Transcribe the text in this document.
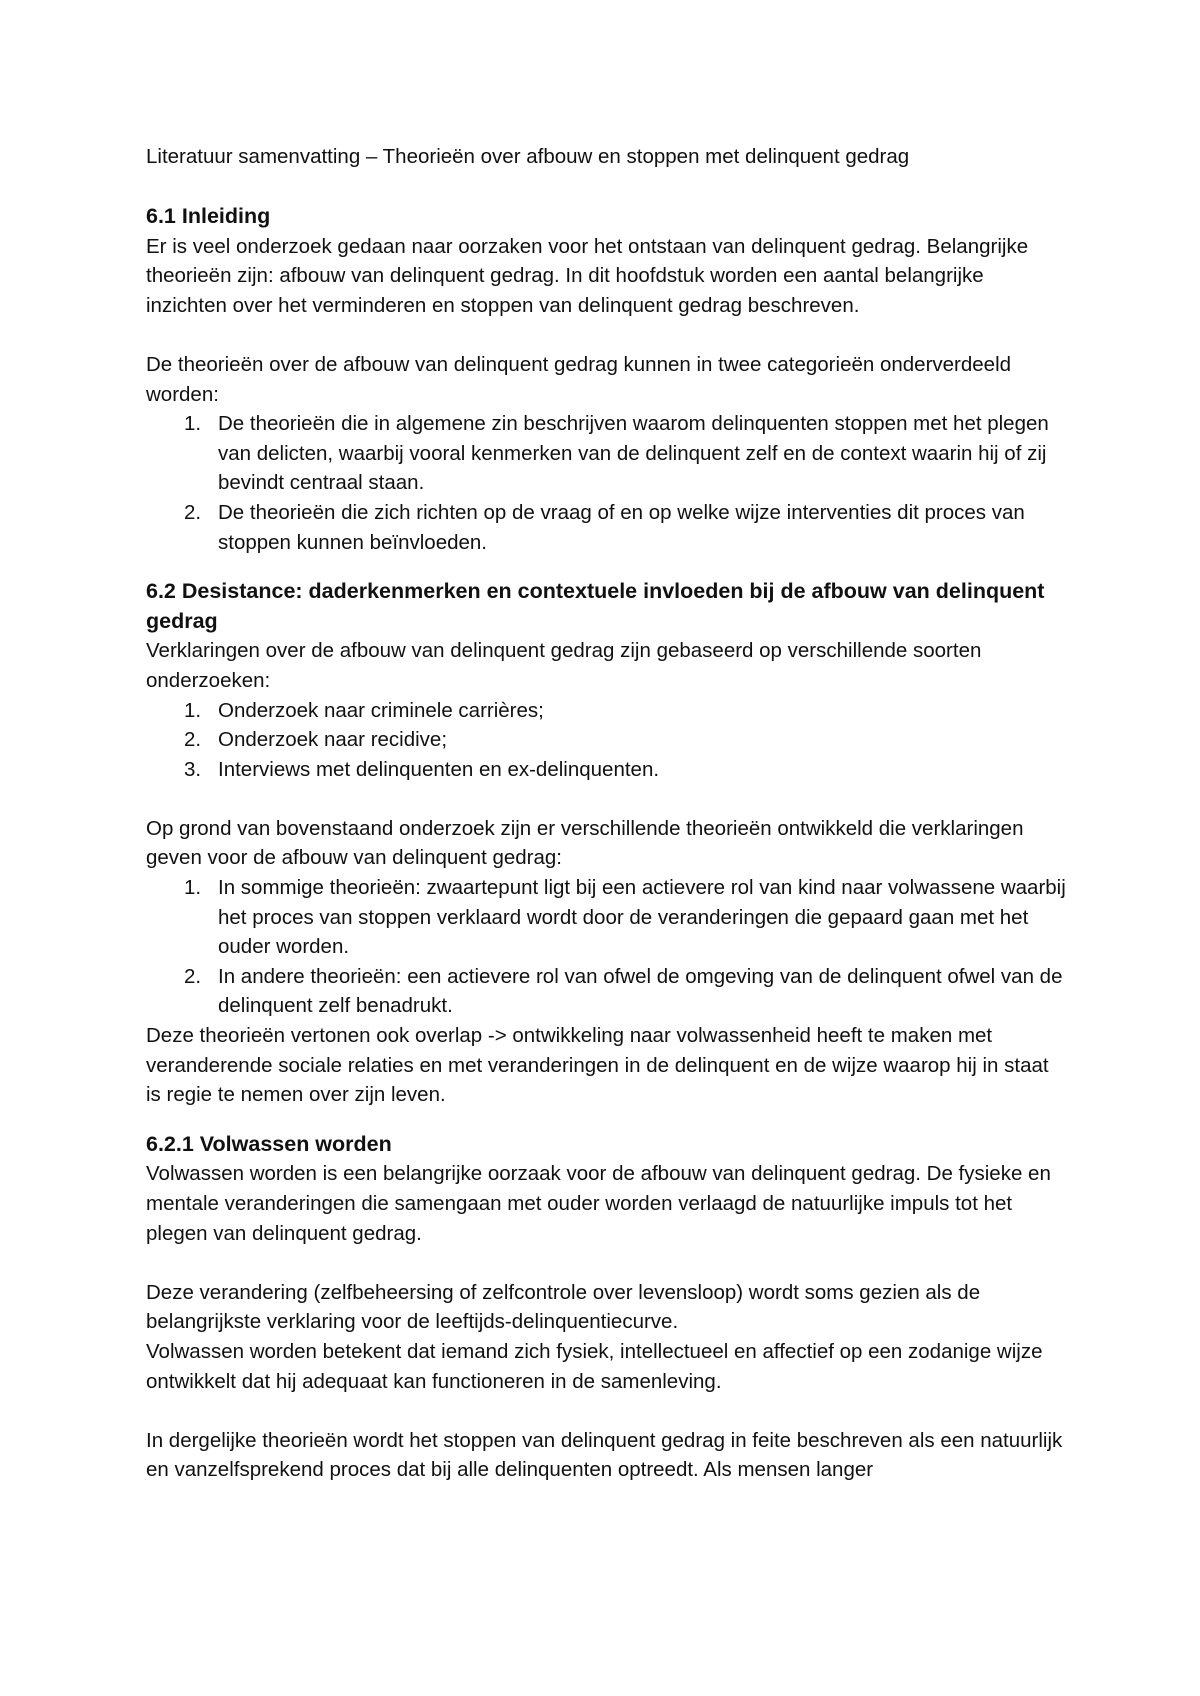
Literatuur samenvatting – Theorieën over afbouw en stoppen met delinquent gedrag

6.1 Inleiding

Er is veel onderzoek gedaan naar oorzaken voor het ontstaan van delinquent gedrag. Belangrijke theorieën zijn: afbouw van delinquent gedrag. In dit hoofdstuk worden een aantal belangrijke inzichten over het verminderen en stoppen van delinquent gedrag beschreven.

De theorieën over de afbouw van delinquent gedrag kunnen in twee categorieën onderverdeeld worden:

1. De theorieën die in algemene zin beschrijven waarom delinquenten stoppen met het plegen van delicten, waarbij vooral kenmerken van de delinquent zelf en de context waarin hij of zij bevindt centraal staan.
2. De theorieën die zich richten op de vraag of en op welke wijze interventies dit proces van stoppen kunnen beïnvloeden.
6.2 Desistance: daderkenmerken en contextuele invloeden bij de afbouw van delinquent gedrag

Verklaringen over de afbouw van delinquent gedrag zijn gebaseerd op verschillende soorten onderzoeken:

1. Onderzoek naar criminele carrières;
2. Onderzoek naar recidive;
3. Interviews met delinquenten en ex-delinquenten.

Op grond van bovenstaand onderzoek zijn er verschillende theorieën ontwikkeld die verklaringen geven voor de afbouw van delinquent gedrag:

1. In sommige theorieën: zwaartepunt ligt bij een actievere rol van kind naar volwassene waarbij het proces van stoppen verklaard wordt door de veranderingen die gepaard gaan met het ouder worden.
2. In andere theorieën: een actievere rol van ofwel de omgeving van de delinquent ofwel van de delinquent zelf benadrukt.

Deze theorieën vertonen ook overlap -> ontwikkeling naar volwassenheid heeft te maken met veranderende sociale relaties en met veranderingen in de delinquent en de wijze waarop hij in staat is regie te nemen over zijn leven.

6.2.1 Volwassen worden

Volwassen worden is een belangrijke oorzaak voor de afbouw van delinquent gedrag. De fysieke en mentale veranderingen die samengaan met ouder worden verlaagd de natuurlijke impuls tot het plegen van delinquent gedrag.

Deze verandering (zelfbeheersing of zelfcontrole over levensloop) wordt soms gezien als de belangrijkste verklaring voor de leeftijds-delinquentiecurve.

Volwassen worden betekent dat iemand zich fysiek, intellectueel en affectief op een zodanige wijze ontwikkelt dat hij adequaat kan functioneren in de samenleving.

In dergelijke theorieën wordt het stoppen van delinquent gedrag in feite beschreven als een natuurlijk en vanzelfsprekend proces dat bij alle delinquenten optreedt. Als mensen langer
